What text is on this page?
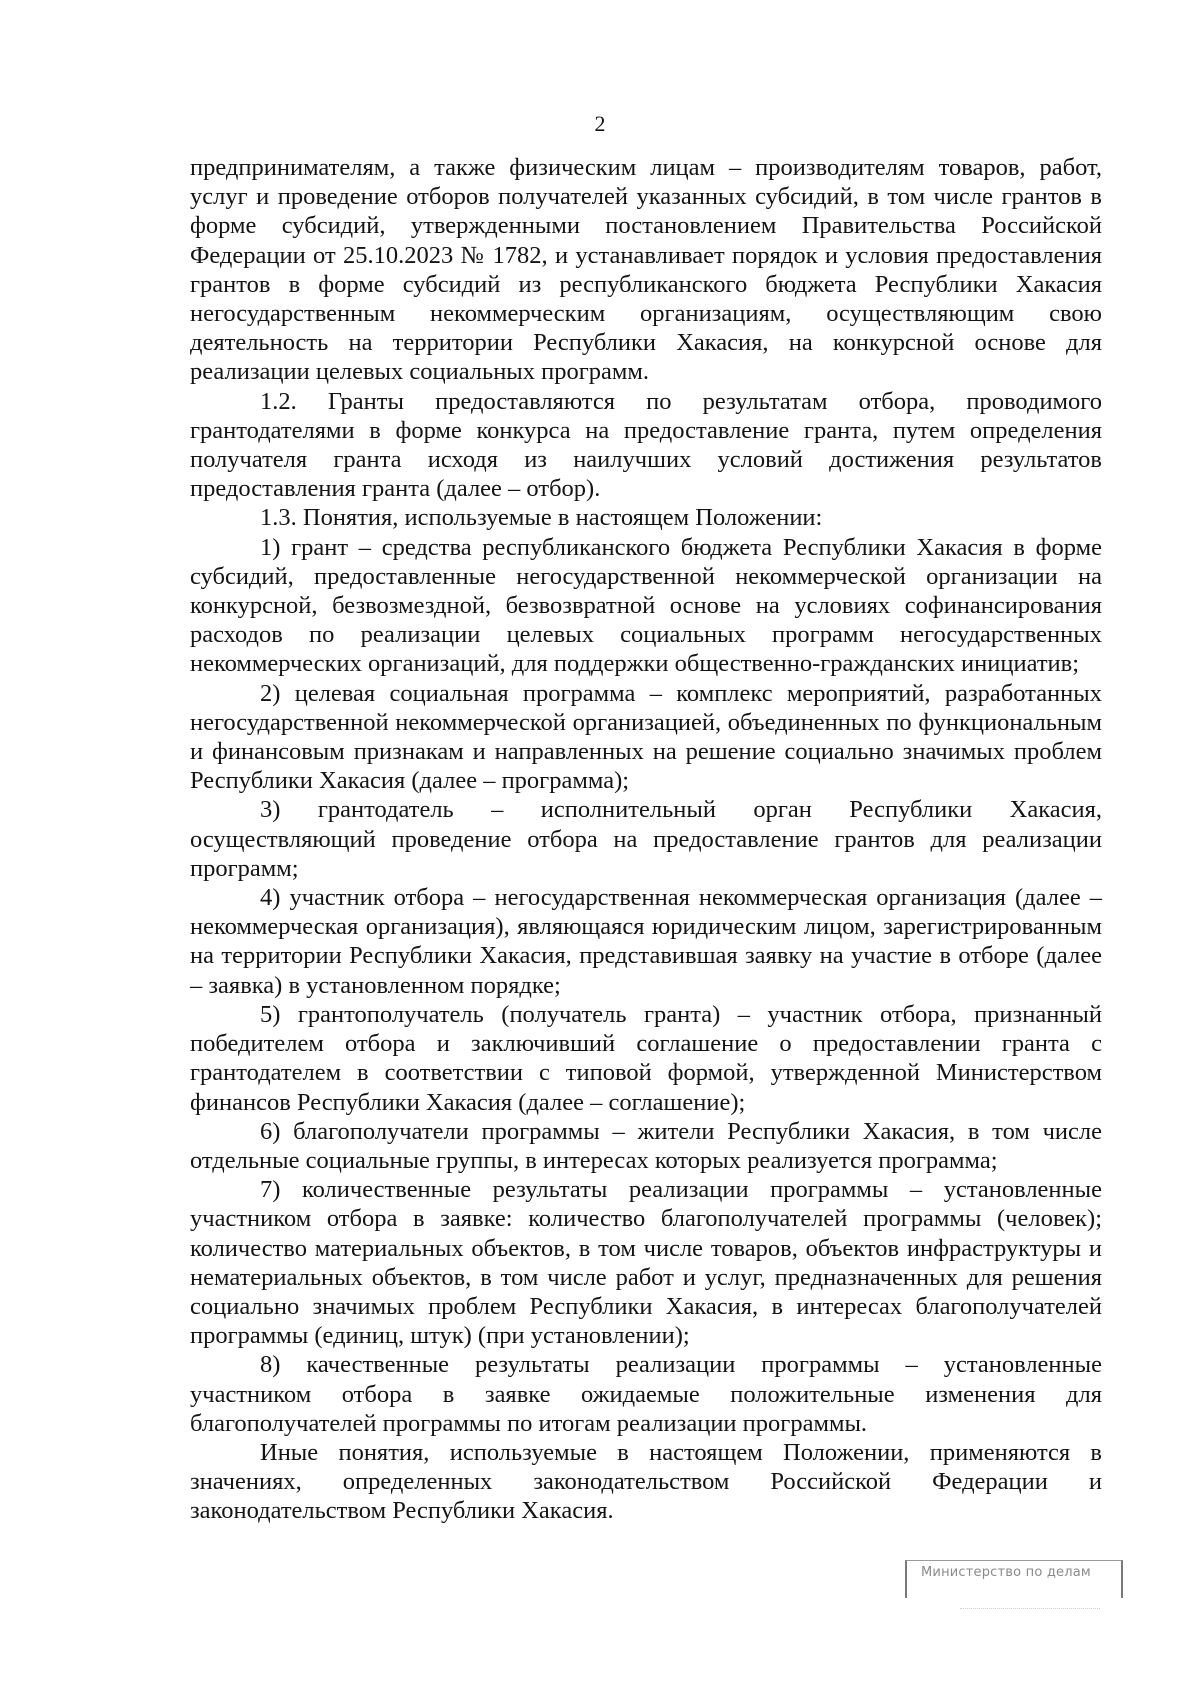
2

предпринимателям, а также физическим лицам – производителям товаров, работ, услуг и проведение отборов получателей указанных субсидий, в том числе грантов в форме субсидий, утвержденными постановлением Правительства Российской Федерации от 25.10.2023 № 1782, и устанавливает порядок и условия предоставления грантов в форме субсидий из республиканского бюджета Республики Хакасия негосударственным некоммерческим организациям, осуществляющим свою деятельность на территории Республики Хакасия, на конкурсной основе для реализации целевых социальных программ.

1.2. Гранты предоставляются по результатам отбора, проводимого грантодателями в форме конкурса на предоставление гранта, путем определения получателя гранта исходя из наилучших условий достижения результатов предоставления гранта (далее – отбор).

1.3. Понятия, используемые в настоящем Положении:

1) грант – средства республиканского бюджета Республики Хакасия в форме субсидий, предоставленные негосударственной некоммерческой организации на конкурсной, безвозмездной, безвозвратной основе на условиях софинансирования расходов по реализации целевых социальных программ негосударственных некоммерческих организаций, для поддержки общественно-гражданских инициатив;

2) целевая социальная программа – комплекс мероприятий, разработанных негосударственной некоммерческой организацией, объединенных по функциональным и финансовым признакам и направленных на решение социально значимых проблем Республики Хакасия (далее – программа);

3) грантодатель – исполнительный орган Республики Хакасия, осуществляющий проведение отбора на предоставление грантов для реализации программ;

4) участник отбора – негосударственная некоммерческая организация (далее – некоммерческая организация), являющаяся юридическим лицом, зарегистрированным на территории Республики Хакасия, представившая заявку на участие в отборе (далее – заявка) в установленном порядке;

5) грантополучатель (получатель гранта) – участник отбора, признанный победителем отбора и заключивший соглашение о предоставлении гранта с грантодателем в соответствии с типовой формой, утвержденной Министерством финансов Республики Хакасия (далее – соглашение);

6) благополучатели программы – жители Республики Хакасия, в том числе отдельные социальные группы, в интересах которых реализуется программа;

7) количественные результаты реализации программы – установленные участником отбора в заявке: количество благополучателей программы (человек); количество материальных объектов, в том числе товаров, объектов инфраструктуры и нематериальных объектов, в том числе работ и услуг, предназначенных для решения социально значимых проблем Республики Хакасия, в интересах благополучателей программы (единиц, штук) (при установлении);

8) качественные результаты реализации программы – установленные участником отбора в заявке ожидаемые положительные изменения для благополучателей программы по итогам реализации программы.

Иные понятия, используемые в настоящем Положении, применяются в значениях, определенных законодательством Российской Федерации и законодательством Республики Хакасия.

Министерство по делам
